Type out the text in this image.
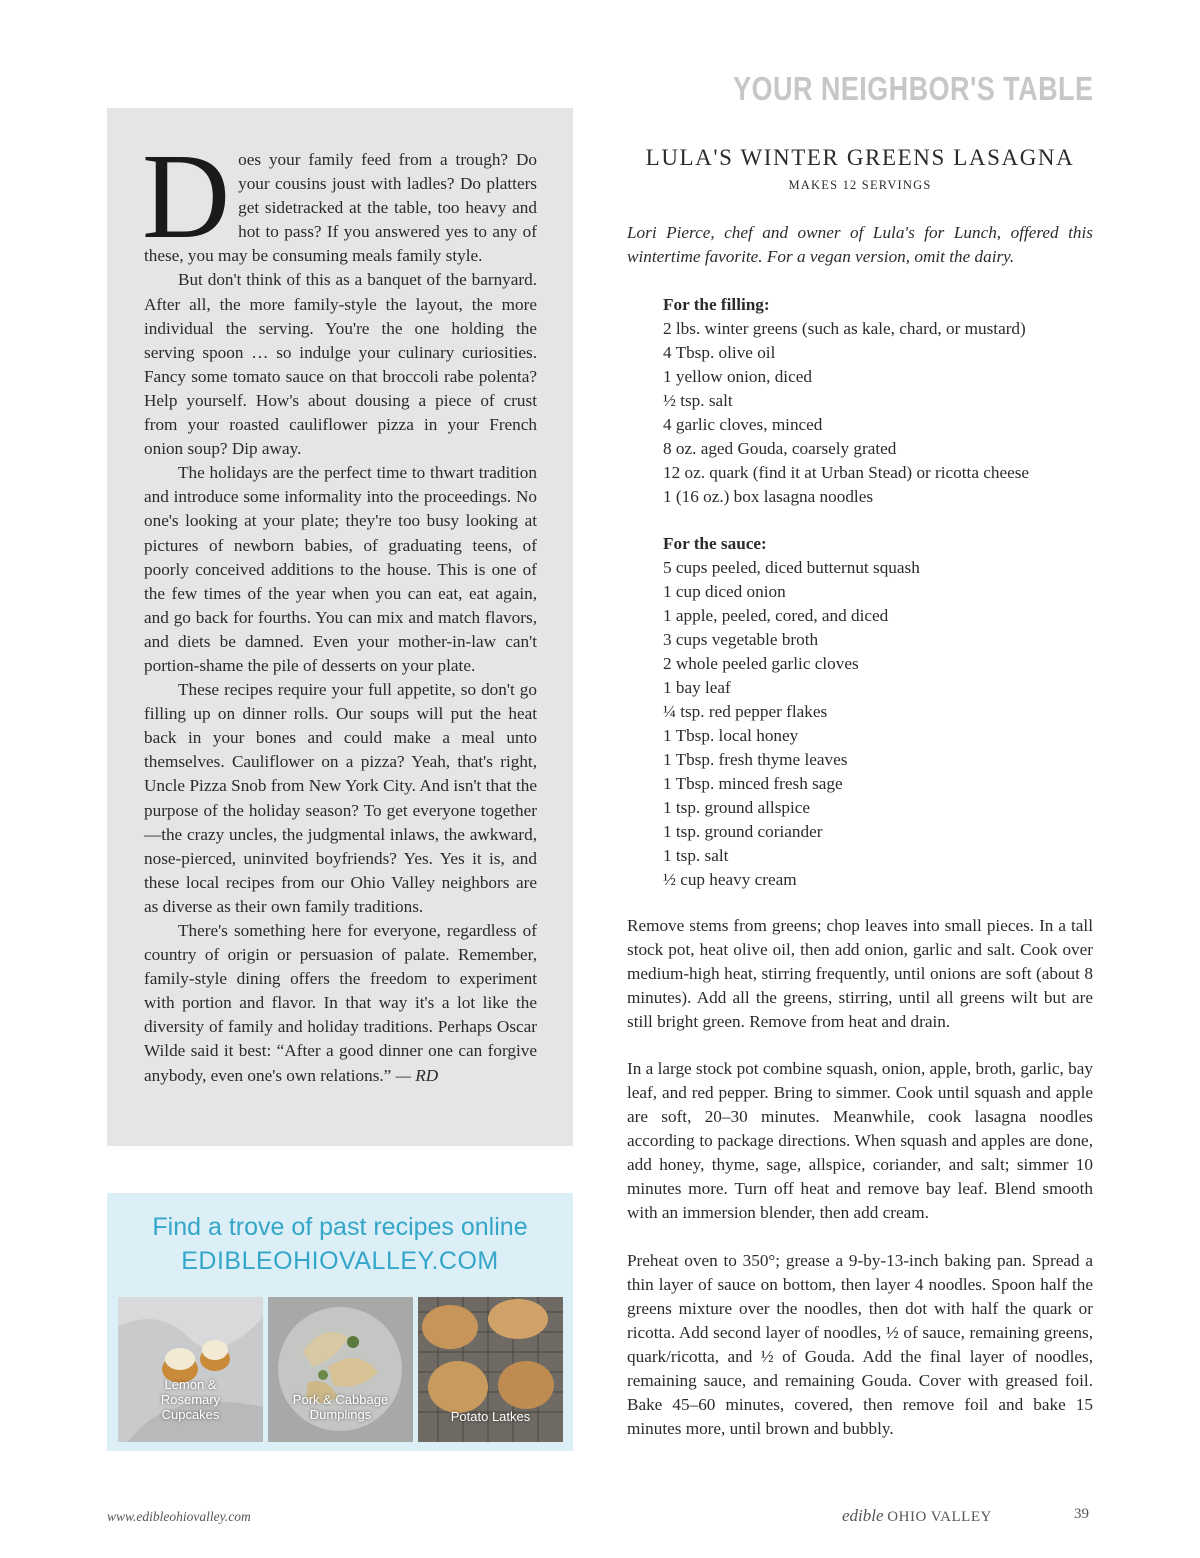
YOUR NEIGHBOR'S TABLE

Does your family feed from a trough? Do your cousins joust with ladles? Do platters get sidetracked at the table, too heavy and hot to pass? If you answered yes to any of these, you may be consuming meals family style.

But don't think of this as a banquet of the barnyard. After all, the more family-style the layout, the more individual the serving. You're the one holding the serving spoon … so indulge your culinary curiosities. Fancy some tomato sauce on that broccoli rabe polenta? Help yourself. How's about dousing a piece of crust from your roasted cauliflower pizza in your French onion soup? Dip away.

The holidays are the perfect time to thwart tradition and introduce some informality into the proceedings. No one's looking at your plate; they're too busy looking at pictures of newborn babies, of graduating teens, of poorly conceived additions to the house. This is one of the few times of the year when you can eat, eat again, and go back for fourths. You can mix and match flavors, and diets be damned. Even your mother-in-law can't portion-shame the pile of desserts on your plate.

These recipes require your full appetite, so don't go filling up on dinner rolls. Our soups will put the heat back in your bones and could make a meal unto themselves. Cauliflower on a pizza? Yeah, that's right, Uncle Pizza Snob from New York City. And isn't that the purpose of the holiday season? To get everyone together—the crazy uncles, the judgmental inlaws, the awkward, nose-pierced, uninvited boyfriends? Yes. Yes it is, and these local recipes from our Ohio Valley neighbors are as diverse as their own family traditions.

There's something here for everyone, regardless of country of origin or persuasion of palate. Remember, family-style dining offers the freedom to experiment with portion and flavor. In that way it's a lot like the diversity of family and holiday traditions. Perhaps Oscar Wilde said it best: “After a good dinner one can forgive anybody, even one's own relations.” — RD

Find a trove of past recipes online
EDIBLEOHIOVALLEY.COM
Lemon &
Rosemary
Cupcakes
Pork & Cabbage
Dumplings	Potato Latkes
LULA'S WINTER GREENS LASAGNA
MAKES 12 SERVINGS

Lori Pierce, chef and owner of Lula's for Lunch, offered this wintertime favorite. For a vegan version, omit the dairy.

For the filling:
2 lbs. winter greens (such as kale, chard, or mustard)
4 Tbsp. olive oil
1 yellow onion, diced
½ tsp. salt
4 garlic cloves, minced
8 oz. aged Gouda, coarsely grated
12 oz. quark (find it at Urban Stead) or ricotta cheese
1 (16 oz.) box lasagna noodles
For the sauce:
5 cups peeled, diced butternut squash
1 cup diced onion
1 apple, peeled, cored, and diced
3 cups vegetable broth
2 whole peeled garlic cloves
1 bay leaf
¼ tsp. red pepper flakes
1 Tbsp. local honey
1 Tbsp. fresh thyme leaves
1 Tbsp. minced fresh sage
1 tsp. ground allspice
1 tsp. ground coriander
1 tsp. salt
½ cup heavy cream

Remove stems from greens; chop leaves into small pieces. In a tall stock pot, heat olive oil, then add onion, garlic and salt. Cook over medium-high heat, stirring frequently, until onions are soft (about 8 minutes). Add all the greens, stirring, until all greens wilt but are still bright green. Remove from heat and drain.

In a large stock pot combine squash, onion, apple, broth, garlic, bay leaf, and red pepper. Bring to simmer. Cook until squash and apple are soft, 20–30 minutes. Meanwhile, cook lasagna noodles according to package directions. When squash and apples are done, add honey, thyme, sage, allspice, coriander, and salt; simmer 10 minutes more. Turn off heat and remove bay leaf. Blend smooth with an immersion blender, then add cream.

Preheat oven to 350°; grease a 9-by-13-inch baking pan. Spread a thin layer of sauce on bottom, then layer 4 noodles. Spoon half the greens mixture over the noodles, then dot with half the quark or ricotta. Add second layer of noodles, ½ of sauce, remaining greens, quark/ricotta, and ½ of Gouda. Add the final layer of noodles, remaining sauce, and remaining Gouda. Cover with greased foil. Bake 45–60 minutes, covered, then remove foil and bake 15 minutes more, until brown and bubbly.

www.edibleohiovalley.com	edible OHIO VALLEY	39
